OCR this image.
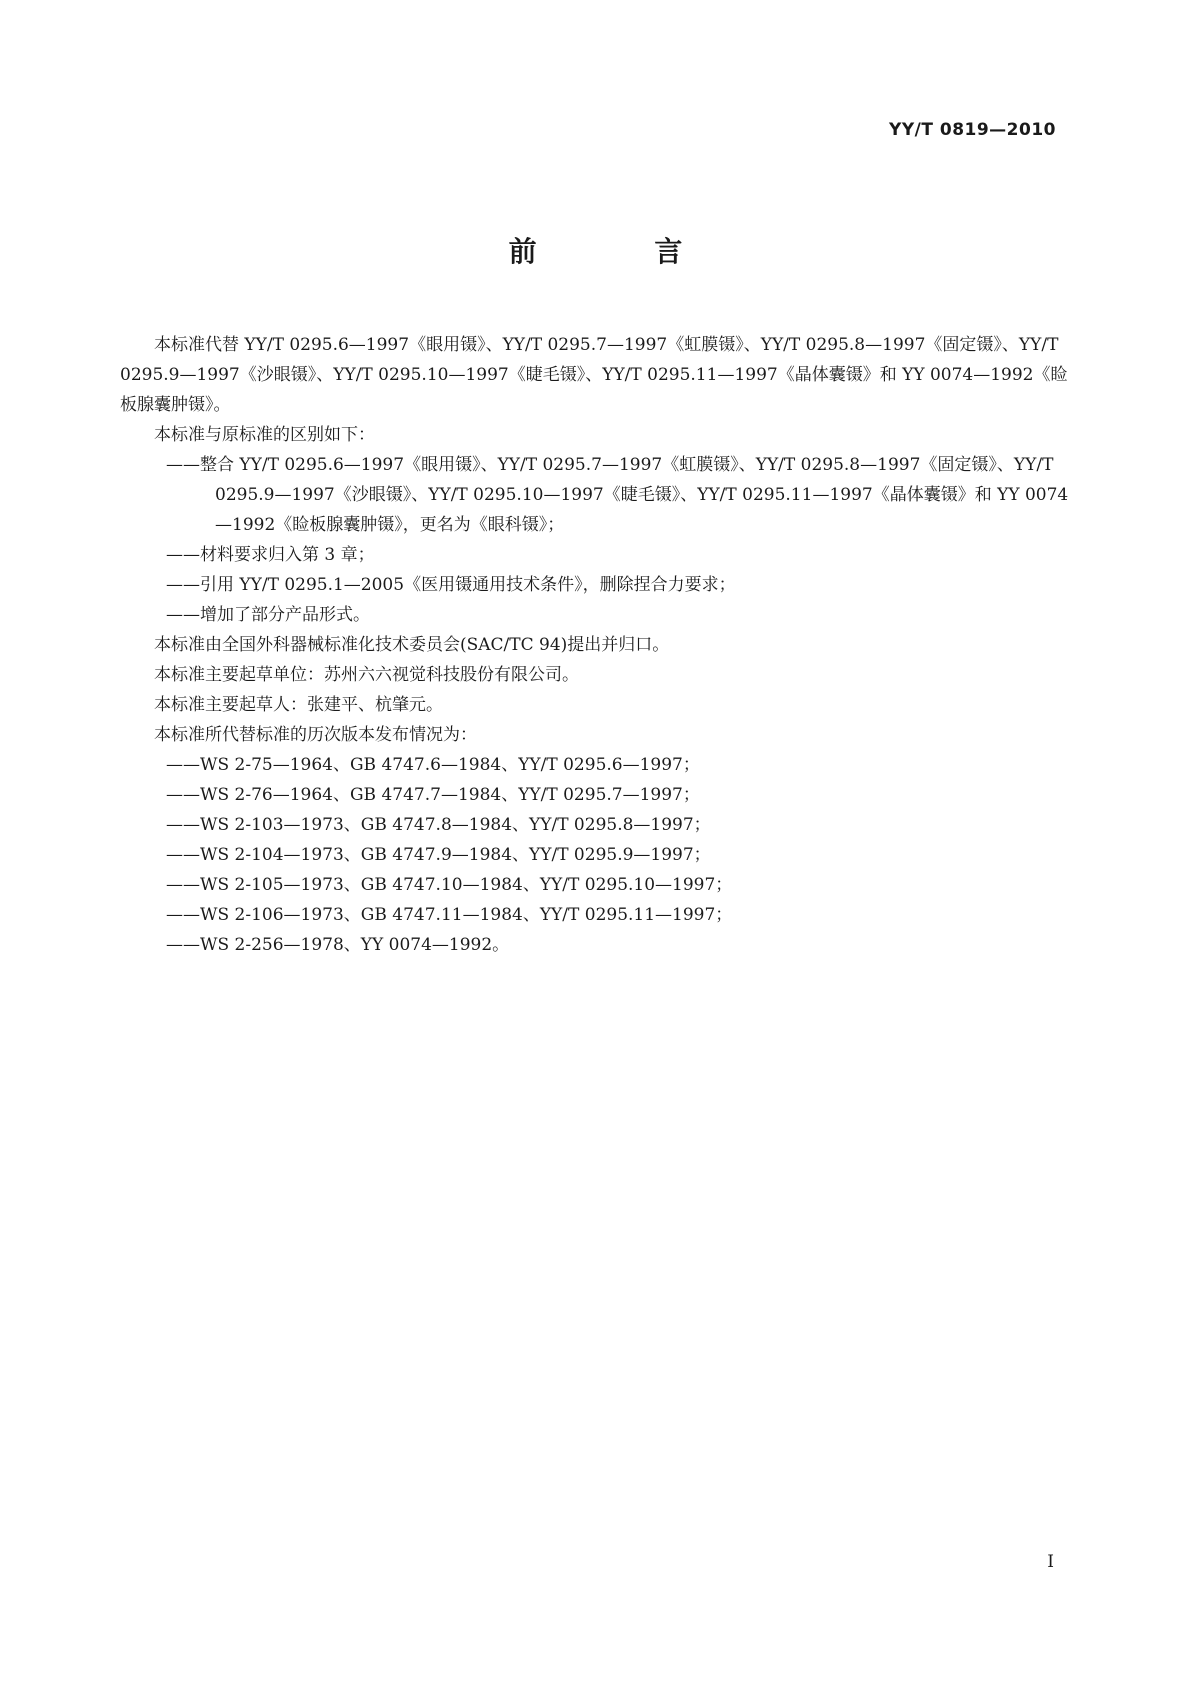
YY/T 0819—2010
前 言

本标准代替 YY/T 0295.6—1997《眼用镊》、YY/T 0295.7—1997《虹膜镊》、YY/T 0295.8—1997《固定镊》、YY/T 0295.9—1997《沙眼镊》、YY/T 0295.10—1997《睫毛镊》、YY/T 0295.11—1997《晶体囊镊》和 YY 0074—1992《睑板腺囊肿镊》。

本标准与原标准的区别如下：

——整合 YY/T 0295.6—1997《眼用镊》、YY/T 0295.7—1997《虹膜镊》、YY/T 0295.8—1997《固定镊》、YY/T 0295.9—1997《沙眼镊》、YY/T 0295.10—1997《睫毛镊》、YY/T 0295.11—1997《晶体囊镊》和 YY 0074—1992《睑板腺囊肿镊》，更名为《眼科镊》；

——材料要求归入第 3 章；

——引用 YY/T 0295.1—2005《医用镊通用技术条件》，删除捏合力要求；

——增加了部分产品形式。

本标准由全国外科器械标准化技术委员会(SAC/TC 94)提出并归口。

本标准主要起草单位：苏州六六视觉科技股份有限公司。

本标准主要起草人：张建平、杭肇元。

本标准所代替标准的历次版本发布情况为：

——WS 2-75—1964、GB 4747.6—1984、YY/T 0295.6—1997；

——WS 2-76—1964、GB 4747.7—1984、YY/T 0295.7—1997；

——WS 2-103—1973、GB 4747.8—1984、YY/T 0295.8—1997；

——WS 2-104—1973、GB 4747.9—1984、YY/T 0295.9—1997；

——WS 2-105—1973、GB 4747.10—1984、YY/T 0295.10—1997；

——WS 2-106—1973、GB 4747.11—1984、YY/T 0295.11—1997；

——WS 2-256—1978、YY 0074—1992。

I
